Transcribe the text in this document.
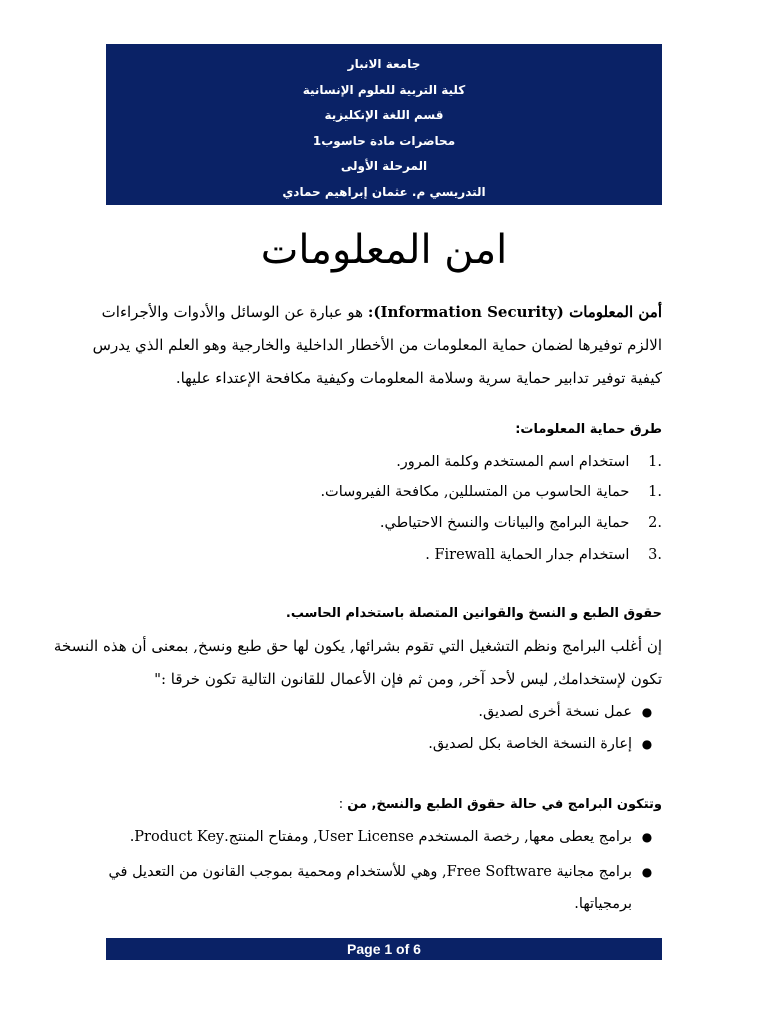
جامعة الانبار
كلية التربية للعلوم الإنسانية
قسم اللغة الإنكليزية
محاضرات مادة حاسوب1
المرحلة الأولى
التدريسي م. عثمان إبراهيم حمادي
امن المعلومات
أمن المعلومات (Information Security): هو عبارة عن الوسائل والأدوات والأجراءات
الالزم توفيرها لضمان حماية المعلومات من الأخطار الداخلية والخارجية وهو العلم الذي يدرس
كيفية توفير تدابير حماية سرية وسلامة المعلومات وكيفية مكافحة الإعتداء عليها.
طرق حماية المعلومات:
1. استخدام اسم المستخدم وكلمة المرور.
1. حماية الحاسوب من المتسللين, مكافحة الفيروسات.
2. حماية البرامج والبيانات والنسخ الاحتياطي.
3. استخدام جدار الحماية Firewall .
حقوق الطبع و النسخ والقوانين المتصلة باستخدام الحاسب.
إن أغلب البرامج ونظم التشغيل التي تقوم بشرائها, يكون لها حق طبع ونسخ, بمعنى أن هذه النسخة
تكون لإستخدامك, ليس لأحد آخر, ومن ثم فإن الأعمال للقانون التالية تكون خرقا :"
●عمل نسخة أخرى لصديق.
●إعارة النسخة الخاصة بكل لصديق.
وتتكون البرامج في حالة حقوق الطبع والنسخ, من :
●برامج يعطى معها, رخصة المستخدم User License, ومفتاح المنتج.Product Key.
●برامج مجانية Free Software, وهي للأستخدام ومحمية بموجب القانون من التعديل في
برمجياتها.
Page 1 of 6
